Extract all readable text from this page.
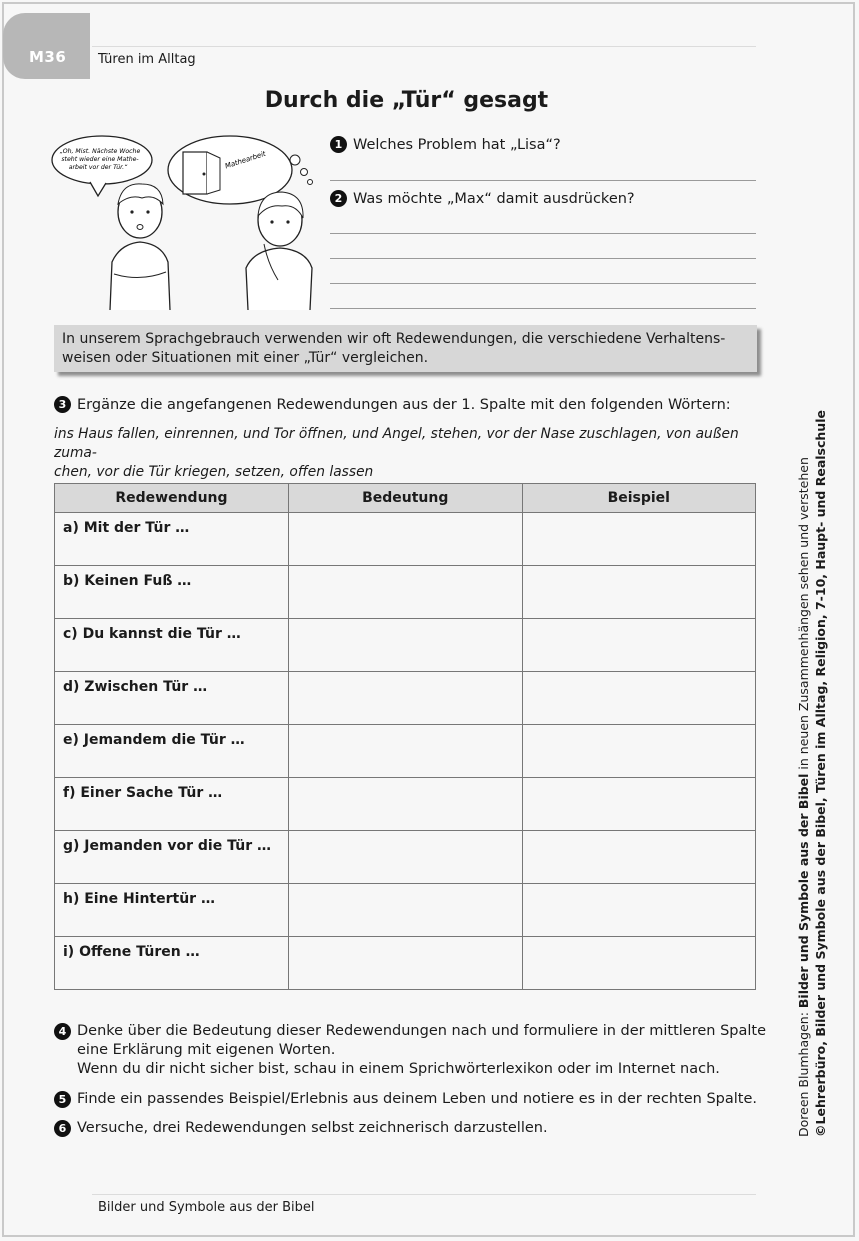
M36 Türen im Alltag
Durch die „Tür“ gesagt
„Oh, Mist. Nächste Woche
steht wieder eine Mathe-
arbeit vor der Tür.“	Mathearbeit
1 Welches Problem hat „Lisa“?
2 Was möchte „Max“ damit ausdrücken?
In unserem Sprachgebrauch verwenden wir oft Redewendungen, die verschiedene Verhaltens-
weisen oder Situationen mit einer „Tür“ vergleichen.
3 Ergänze die angefangenen Redewendungen aus der 1. Spalte mit den folgenden Wörtern:
ins Haus fallen, einrennen, und Tor öffnen, und Angel, stehen, vor der Nase zuschlagen, von außen zuma-
chen, vor die Tür kriegen, setzen, offen lassen
Redewendung	Bedeutung	Beispiel
a) Mit der Tür …		
b) Keinen Fuß …		
c) Du kannst die Tür …		
d) Zwischen Tür …		
e) Jemandem die Tür …		
f) Einer Sache Tür …		
g) Jemanden vor die Tür …		
h) Eine Hintertür …		
i) Offene Türen …		
4 Denke über die Bedeutung dieser Redewendungen nach und formuliere in der mittleren Spalte
eine Erklärung mit eigenen Worten.
Wenn du dir nicht sicher bist, schau in einem Sprichwörterlexikon oder im Internet nach.
5 Finde ein passendes Beispiel/Erlebnis aus deinem Leben und notiere es in der rechten Spalte.
6 Versuche, drei Redewendungen selbst zeichnerisch darzustellen.
Bilder und Symbole aus der Bibel
Doreen Blumhagen: Bilder und Symbole aus der Bibel in neuen Zusammenhängen sehen und verstehen ©Lehrerbüro, Bilder und Symbole aus der Bibel, Türen im Alltag, Religion, 7-10, Haupt- und Realschule
